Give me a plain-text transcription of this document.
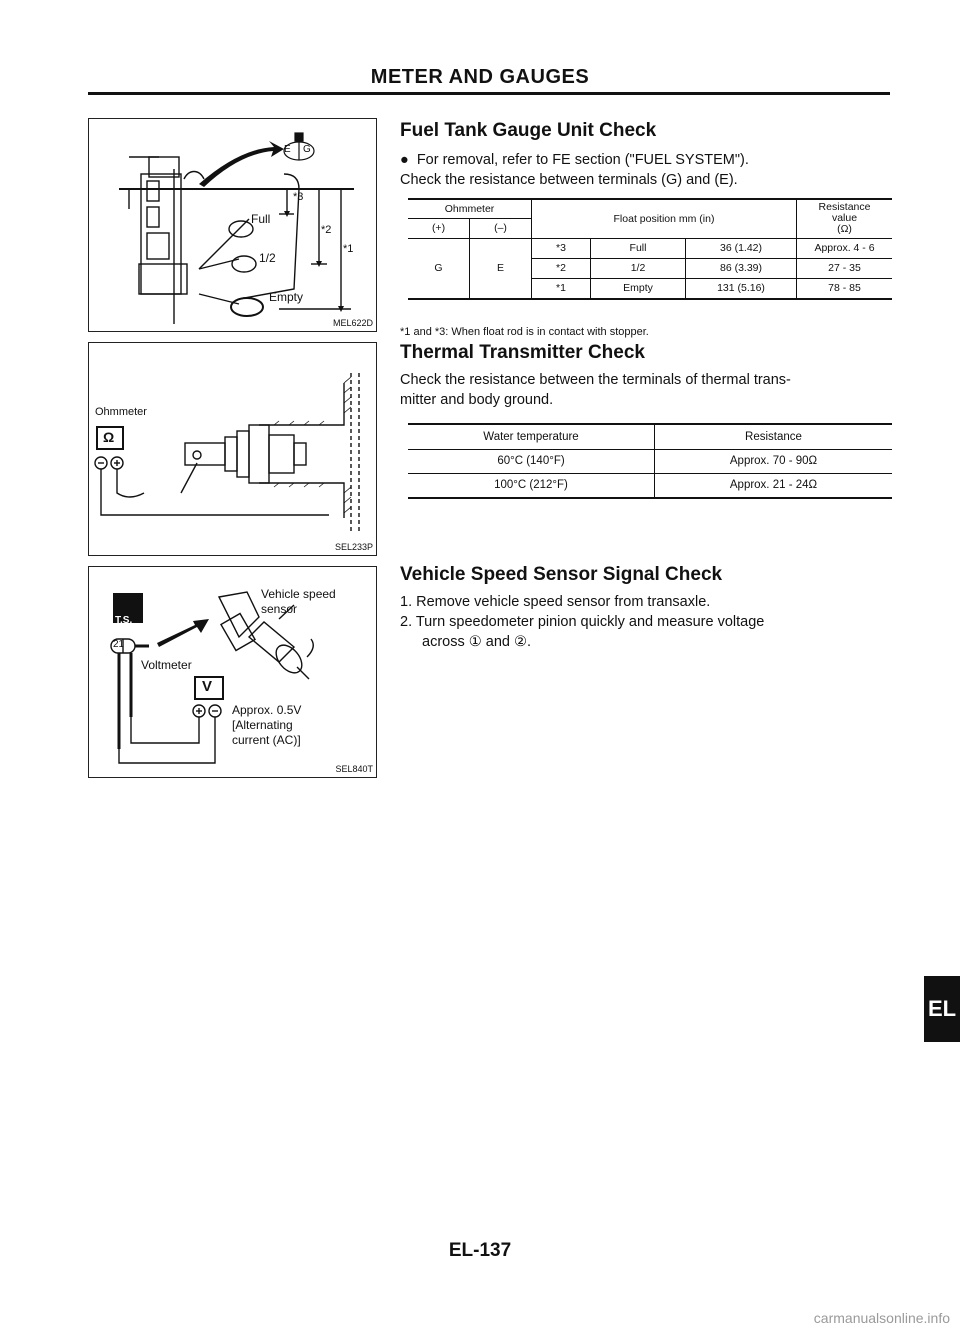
METER AND GAUGES
E G
Full
1/2
Empty
*3
*2
*1
MEL622D
Ohmmeter
Ω
SEL233P
T.S.
21
Vehicle speed
sensor
Voltmeter
V
Approx. 0.5V
[Alternating
current (AC)]
SEL840T
Fuel Tank Gauge Unit Check
●  For removal, refer to FE section ("FUEL SYSTEM").
Check the resistance between terminals (G) and (E).
Ohmmeter		Float position mm (in)			Resistance
value
(Ω)
(+)	(–)				
G	E	*3	Full	36 (1.42)	Approx. 4 - 6
		*2	1/2	86 (3.39)	27 - 35
		*1	Empty	131 (5.16)	78 - 85
*1 and *3: When float rod is in contact with stopper.
Thermal Transmitter Check
Check the resistance between the terminals of thermal trans-
mitter and body ground.
Water temperature	Resistance
60°C (140°F)	Approx. 70 - 90Ω
100°C (212°F)	Approx. 21 - 24Ω
Vehicle Speed Sensor Signal Check
1. Remove vehicle speed sensor from transaxle.
2. Turn speedometer pinion quickly and measure voltage
across ① and ②.
EL
EL-137
carmanualsonline.info
